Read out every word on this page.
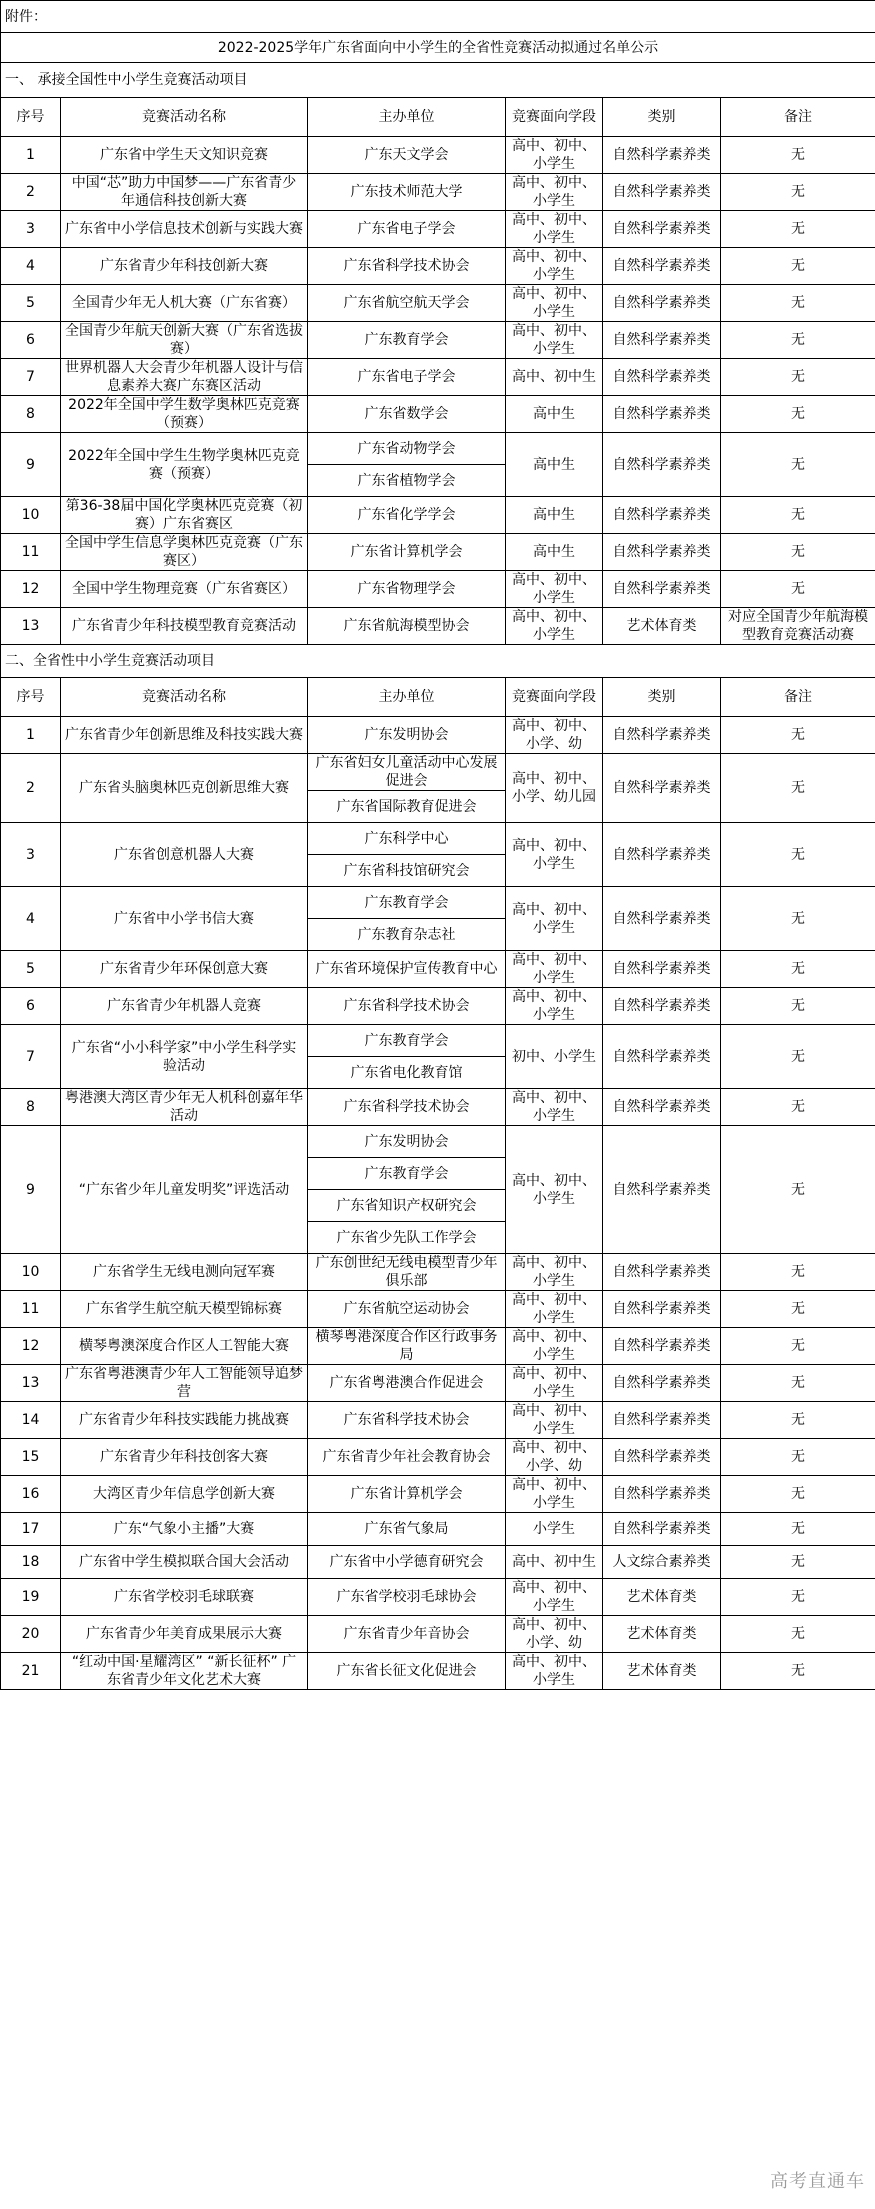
附件：					
2022-2025学年广东省面向中小学生的全省性竞赛活动拟通过名单公示					
一、 承接全国性中小学生竞赛活动项目					
序号	竞赛活动名称	主办单位	竞赛面向学段	类别	备注
1	广东省中学生天文知识竞赛	广东天文学会	高中、初中、小学生	自然科学素养类	无
2	中国“芯”助力中国梦——广东省青少年通信科技创新大赛	广东技术师范大学	高中、初中、小学生	自然科学素养类	无
3	广东省中小学信息技术创新与实践大赛	广东省电子学会	高中、初中、小学生	自然科学素养类	无
4	广东省青少年科技创新大赛	广东省科学技术协会	高中、初中、小学生	自然科学素养类	无
5	全国青少年无人机大赛（广东省赛）	广东省航空航天学会	高中、初中、小学生	自然科学素养类	无
6	全国青少年航天创新大赛（广东省选拔赛）	广东教育学会	高中、初中、小学生	自然科学素养类	无
7	世界机器人大会青少年机器人设计与信息素养大赛广东赛区活动	广东省电子学会	高中、初中生	自然科学素养类	无
8	2022年全国中学生数学奥林匹克竞赛（预赛）	广东省数学会	高中生	自然科学素养类	无
9	2022年全国中学生生物学奥林匹克竞赛（预赛）	广东省动物学会	高中生	自然科学素养类	无
		广东省植物学会			
10	第36-38届中国化学奥林匹克竞赛（初赛）广东省赛区	广东省化学学会	高中生	自然科学素养类	无
11	全国中学生信息学奥林匹克竞赛（广东赛区）	广东省计算机学会	高中生	自然科学素养类	无
12	全国中学生物理竞赛（广东省赛区）	广东省物理学会	高中、初中、小学生	自然科学素养类	无
13	广东省青少年科技模型教育竞赛活动	广东省航海模型协会	高中、初中、小学生	艺术体育类	对应全国青少年航海模型教育竞赛活动赛
二、全省性中小学生竞赛活动项目					
序号	竞赛活动名称	主办单位	竞赛面向学段	类别	备注
1	广东省青少年创新思维及科技实践大赛	广东发明协会	高中、初中、小学、幼	自然科学素养类	无
2	广东省头脑奥林匹克创新思维大赛	广东省妇女儿童活动中心发展促进会	高中、初中、小学、幼儿园	自然科学素养类	无
		广东省国际教育促进会			
3	广东省创意机器人大赛	广东科学中心	高中、初中、小学生	自然科学素养类	无
		广东省科技馆研究会			
4	广东省中小学书信大赛	广东教育学会	高中、初中、小学生	自然科学素养类	无
		广东教育杂志社			
5	广东省青少年环保创意大赛	广东省环境保护宣传教育中心	高中、初中、小学生	自然科学素养类	无
6	广东省青少年机器人竞赛	广东省科学技术协会	高中、初中、小学生	自然科学素养类	无
7	广东省“小小科学家”中小学生科学实验活动	广东教育学会	初中、小学生	自然科学素养类	无
		广东省电化教育馆			
8	粤港澳大湾区青少年无人机科创嘉年华活动	广东省科学技术协会	高中、初中、小学生	自然科学素养类	无
9	“广东省少年儿童发明奖”评选活动	广东发明协会	高中、初中、小学生	自然科学素养类	无
		广东教育学会			
		广东省知识产权研究会			
		广东省少先队工作学会			
10	广东省学生无线电测向冠军赛	广东创世纪无线电模型青少年俱乐部	高中、初中、小学生	自然科学素养类	无
11	广东省学生航空航天模型锦标赛	广东省航空运动协会	高中、初中、小学生	自然科学素养类	无
12	横琴粤澳深度合作区人工智能大赛	横琴粤港深度合作区行政事务局	高中、初中、小学生	自然科学素养类	无
13	广东省粤港澳青少年人工智能领导追梦营	广东省粤港澳合作促进会	高中、初中、小学生	自然科学素养类	无
14	广东省青少年科技实践能力挑战赛	广东省科学技术协会	高中、初中、小学生	自然科学素养类	无
15	广东省青少年科技创客大赛	广东省青少年社会教育协会	高中、初中、小学、幼	自然科学素养类	无
16	大湾区青少年信息学创新大赛	广东省计算机学会	高中、初中、小学生	自然科学素养类	无
17	广东“气象小主播”大赛	广东省气象局	小学生	自然科学素养类	无
18	广东省中学生模拟联合国大会活动	广东省中小学德育研究会	高中、初中生	人文综合素养类	无
19	广东省学校羽毛球联赛	广东省学校羽毛球协会	高中、初中、小学生	艺术体育类	无
20	广东省青少年美育成果展示大赛	广东省青少年音协会	高中、初中、小学、幼	艺术体育类	无
21	“红动中国·星耀湾区” “新长征杯” 广东省青少年文化艺术大赛	广东省长征文化促进会	高中、初中、小学生	艺术体育类	无
高考直通车
